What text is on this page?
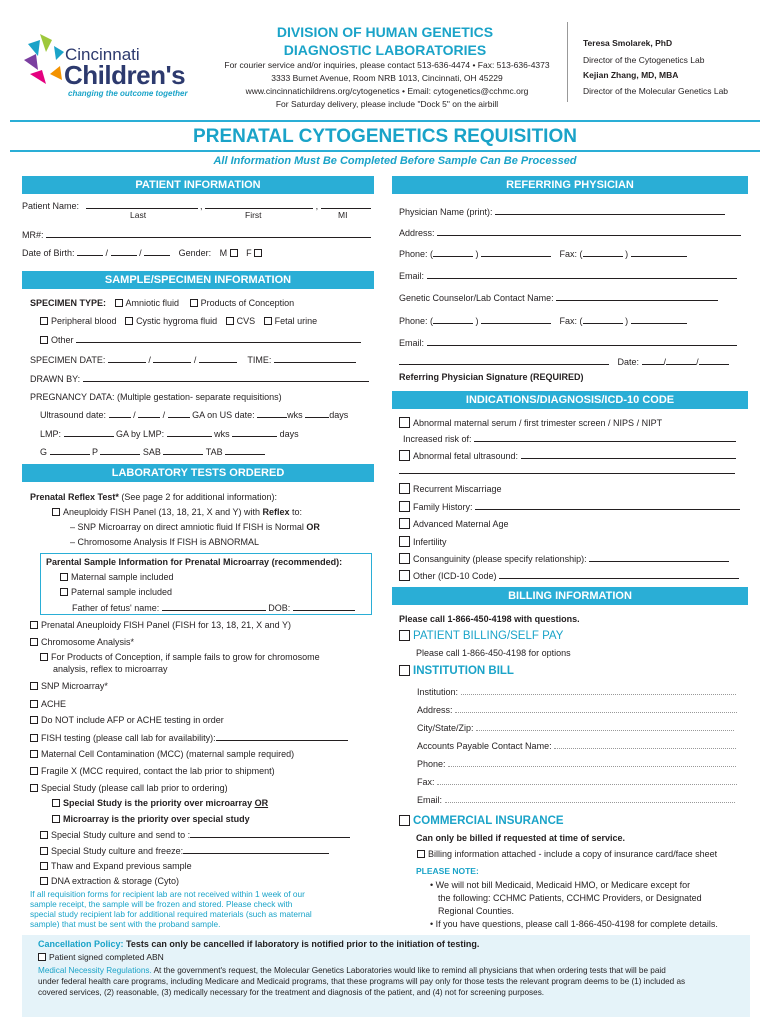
Cincinnati
Children's
changing the outcome together
DIVISION OF HUMAN GENETICS
DIAGNOSTIC LABORATORIES
For courier service and/or inquiries, please contact 513-636-4474 • Fax: 513-636-4373
3333 Burnet Avenue, Room NRB 1013, Cincinnati, OH 45229
www.cincinnatichildrens.org/cytogenetics • Email: cytogenetics@cchmc.org
For Saturday delivery, please include "Dock 5" on the airbill
Teresa Smolarek, PhD
Director of the Cytogenetics Lab
Kejian Zhang, MD, MBA
Director of the Molecular Genetics Lab
PRENATAL CYTOGENETICS REQUISITION
All Information Must Be Completed Before Sample Can Be Processed
PATIENT INFORMATION
Patient Name:	,	,
Last	First	MI
MR#:
Date of Birth:	/	/	Gender: M F
SAMPLE/SPECIMEN INFORMATION
SPECIMEN TYPE: Amniotic fluid Products of Conception
Peripheral blood Cystic hygroma fluid CVS Fetal urine
Other
SPECIMEN DATE:	/	/	TIME:
DRAWN BY:
PREGNANCY DATA: (Multiple gestation- separate requisitions)
Ultrasound date:	/  /	GA on US date:	wks	days
LMP:	GA by LMP:	wks	days
G	P	SAB	TAB
LABORATORY TESTS ORDERED
Prenatal Reflex Test* (See page 2 for additional information):
Aneuploidy FISH Panel (13, 18, 21, X and Y) with Reflex to:
– SNP Microarray on direct amniotic fluid If FISH is Normal OR
– Chromosome Analysis If FISH is ABNORMAL
Parental Sample Information for Prenatal Microarray (recommended):
Maternal sample included
Paternal sample included
Father of fetus' name:	DOB:
Prenatal Aneuploidy FISH Panel (FISH for 13, 18, 21, X and Y)
Chromosome Analysis*
For Products of Conception, if sample fails to grow for chromosome
analysis, reflex to microarray
SNP Microarray*
ACHE
Do NOT include AFP or ACHE testing in order
FISH testing (please call lab for availability):
Maternal Cell Contamination (MCC) (maternal sample required)
Fragile X (MCC required, contact the lab prior to shipment)
Special Study (please call lab prior to ordering)
Special Study is the priority over microarray OR
Microarray is the priority over special study
Special Study culture and send to :
Special Study culture and freeze:
Thaw and Expand previous sample
DNA extraction & storage (Cyto)
If all requisition forms for recipient lab are not received within 1 week of our
sample receipt, the sample will be frozen and stored. Please check with
special study recipient lab for additional required materials (such as maternal
sample) that must be sent with the proband sample.
REFERRING PHYSICIAN
Physician Name (print):
Address:
Phone: (	)	Fax: (	)
Email:
Genetic Counselor/Lab Contact Name:
Phone: (	)	Fax: (	)
Email:
Date:	/	/
Referring Physician Signature (REQUIRED)
INDICATIONS/DIAGNOSIS/ICD-10 CODE
Abnormal maternal serum / first trimester screen / NIPS / NIPT
Increased risk of:
Abnormal fetal ultrasound:
Recurrent Miscarriage
Family History:
Advanced Maternal Age
Infertility
Consanguinity (please specify relationship):
Other (ICD-10 Code)
BILLING INFORMATION
Please call 1-866-450-4198 with questions.
PATIENT BILLING/SELF PAY
Please call 1-866-450-4198 for options
INSTITUTION BILL
Institution:
Address:
City/State/Zip:
Accounts Payable Contact Name:
Phone:
Fax:
Email:
COMMERCIAL INSURANCE
Can only be billed if requested at time of service.
Billing information attached - include a copy of insurance card/face sheet
PLEASE NOTE:
• We will not bill Medicaid, Medicaid HMO, or Medicare except for
the following: CCHMC Patients, CCHMC Providers, or Designated
Regional Counties.
• If you have questions, please call 1-866-450-4198 for complete details.
Cancellation Policy: Tests can only be cancelled if laboratory is notified prior to the initiation of testing.
Patient signed completed ABN
Medical Necessity Regulations. At the government's request, the Molecular Genetics Laboratories would like to remind all physicians that when ordering tests that will be paid
under federal health care programs, including Medicare and Medicaid programs, that these programs will pay only for those tests the relevant program deems to be (1) included as
covered services, (2) reasonable, (3) medically necessary for the treatment and diagnosis of the patient, and (4) not for screening purposes.
